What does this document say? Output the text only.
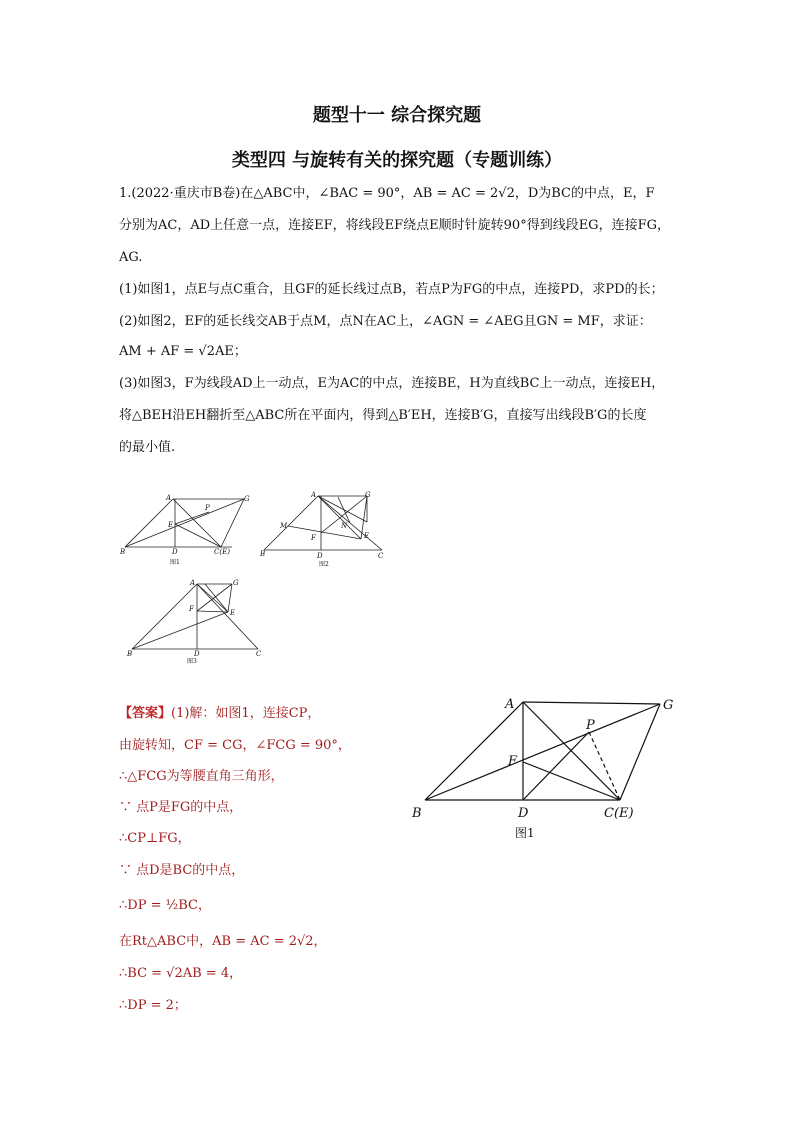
题型十一 综合探究题
类型四 与旋转有关的探究题（专题训练）
1.(2022·重庆市B卷)在△ABC中，∠BAC = 90°，AB = AC = 2√2，D为BC的中点，E，F
分别为AC，AD上任意一点，连接EF，将线段EF绕点E顺时针旋转90°得到线段EG，连接FG，
AG.
(1)如图1，点E与点C重合，且GF的延长线过点B，若点P为FG的中点，连接PD，求PD的长；
(2)如图2，EF的延长线交AB于点M，点N在AC上，∠AGN = ∠AEG且GN = MF，求证：
AM + AF = √2AE；
(3)如图3，F为线段AD上一动点，E为AC的中点，连接BE，H为直线BC上一动点，连接EH，
将△BEH沿EH翻折至△ABC所在平面内，得到△B′EH，连接B′G，直接写出线段B′G的长度
的最小值.
A	G
P
E
B	D	C(E)
图1
A	G
M	N
F	E
B	D	C
图2
A	G
F	E
B	D	C
图3
【答案】(1)解：如图1，连接CP，
由旋转知，CF = CG，∠FCG = 90°，
∴△FCG为等腰直角三角形，
∵ 点P是FG的中点，
∴CP⊥FG，
∵ 点D是BC的中点，
∴DP = ½BC，
在Rt△ABC中，AB = AC = 2√2，
∴BC = √2AB = 4，
∴DP = 2；
A	G
P
F
B	D	C(E)
图1
